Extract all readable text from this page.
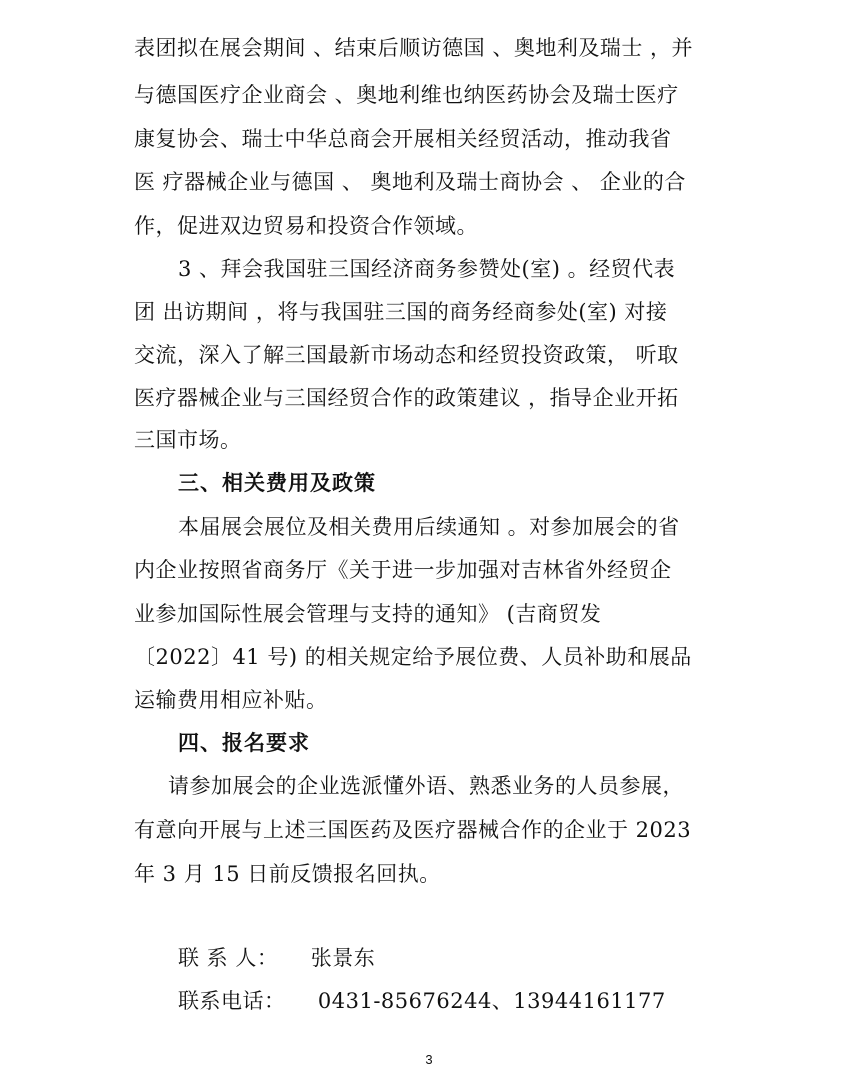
表团拟在展会期间 、结束后顺访德国 、奥地利及瑞士 ，并
与德国医疗企业商会 、奥地利维也纳医药协会及瑞士医疗
康复协会、瑞士中华总商会开展相关经贸活动，推动我省
医 疗器械企业与德国 、 奥地利及瑞士商协会 、 企业的合
作，促进双边贸易和投资合作领域。
3 、拜会我国驻三国经济商务参赞处(室) 。经贸代表
团 出访期间 ，将与我国驻三国的商务经商参处(室) 对接
交流，深入了解三国最新市场动态和经贸投资政策， 听取
医疗器械企业与三国经贸合作的政策建议 ，指导企业开拓
三国市场。
三、相关费用及政策
本届展会展位及相关费用后续通知 。对参加展会的省
内企业按照省商务厅《关于进一步加强对吉林省外经贸企
业参加国际性展会管理与支持的通知》 (吉商贸发
〔2022〕41 号) 的相关规定给予展位费、人员补助和展品
运输费用相应补贴。
四、报名要求
请参加展会的企业选派懂外语、熟悉业务的人员参展，
有意向开展与上述三国医药及医疗器械合作的企业于 2023
年 3 月 15 日前反馈报名回执。
联 系 人： 张景东
联系电话： 0431-85676244、13944161177
3
